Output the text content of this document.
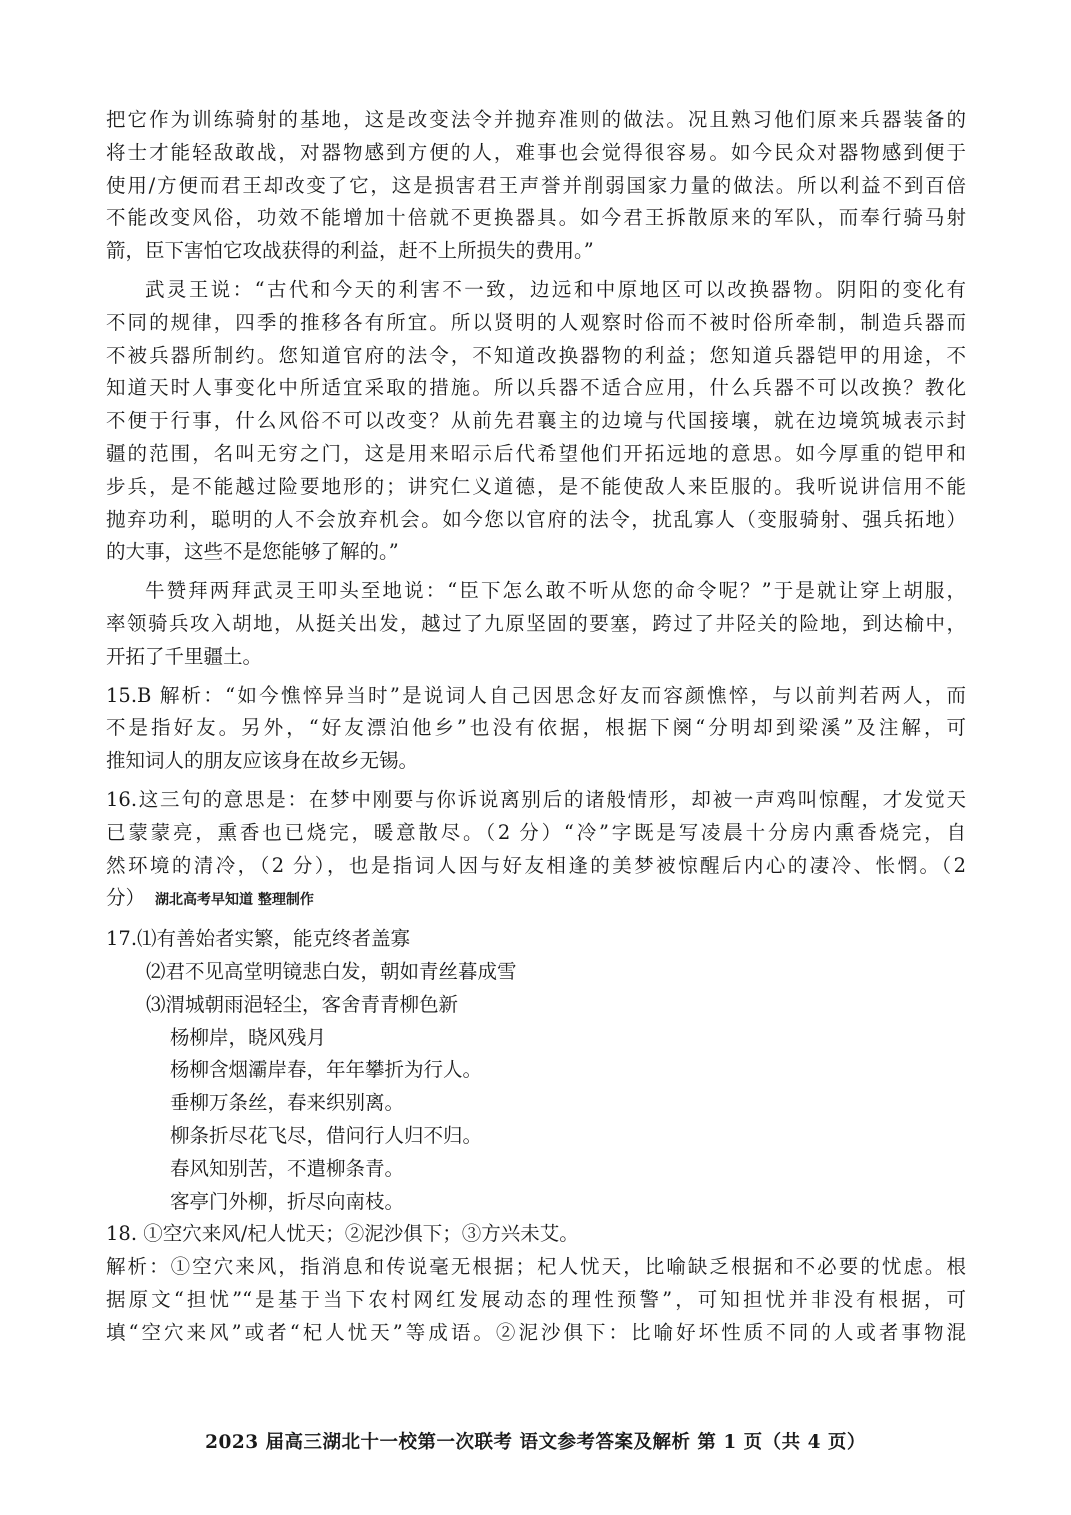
把它作为训练骑射的基地，这是改变法令并抛弃准则的做法。况且熟习他们原来兵器装备的
将士才能轻敌敢战，对器物感到方便的人，难事也会觉得很容易。如今民众对器物感到便于
使用/方便而君王却改变了它，这是损害君王声誉并削弱国家力量的做法。所以利益不到百倍
不能改变风俗，功效不能增加十倍就不更换器具。如今君王拆散原来的军队，而奉行骑马射
箭，臣下害怕它攻战获得的利益，赶不上所损失的费用。”
武灵王说：“古代和今天的利害不一致，边远和中原地区可以改换器物。阴阳的变化有
不同的规律，四季的推移各有所宜。所以贤明的人观察时俗而不被时俗所牵制，制造兵器而
不被兵器所制约。您知道官府的法令，不知道改换器物的利益；您知道兵器铠甲的用途，不
知道天时人事变化中所适宜采取的措施。所以兵器不适合应用，什么兵器不可以改换？教化
不便于行事，什么风俗不可以改变？从前先君襄主的边境与代国接壤，就在边境筑城表示封
疆的范围，名叫无穷之门，这是用来昭示后代希望他们开拓远地的意思。如今厚重的铠甲和
步兵，是不能越过险要地形的；讲究仁义道德，是不能使敌人来臣服的。我听说讲信用不能
抛弃功利，聪明的人不会放弃机会。如今您以官府的法令，扰乱寡人（变服骑射、强兵拓地）
的大事，这些不是您能够了解的。”
牛赞拜两拜武灵王叩头至地说：“臣下怎么敢不听从您的命令呢？”于是就让穿上胡服，
率领骑兵攻入胡地，从挺关出发，越过了九原坚固的要塞，跨过了井陉关的险地，到达榆中，
开拓了千里疆土。
15.B 解析：“如今憔悴异当时”是说词人自己因思念好友而容颜憔悴，与以前判若两人，而
不是指好友。另外，“好友漂泊他乡”也没有依据，根据下阕“分明却到梁溪”及注解，可
推知词人的朋友应该身在故乡无锡。
16.这三句的意思是：在梦中刚要与你诉说离别后的诸般情形，却被一声鸡叫惊醒，才发觉天
已蒙蒙亮，熏香也已烧完，暖意散尽。（2 分）“冷”字既是写凌晨十分房内熏香烧完，自
然环境的清冷，（2 分），也是指词人因与好友相逢的美梦被惊醒后内心的凄冷、怅惘。（2
分） 湖北高考早知道 整理制作
17.⑴有善始者实繁，能克终者盖寡
⑵君不见高堂明镜悲白发，朝如青丝暮成雪
⑶渭城朝雨浥轻尘，客舍青青柳色新
杨柳岸，晓风残月
杨柳含烟灞岸春，年年攀折为行人。
垂柳万条丝，春来织别离。
柳条折尽花飞尽，借问行人归不归。
春风知别苦，不遣柳条青。
客亭门外柳，折尽向南枝。
18. ①空穴来风/杞人忧天；②泥沙俱下；③方兴未艾。
解析：①空穴来风，指消息和传说毫无根据；杞人忧天，比喻缺乏根据和不必要的忧虑。根
据原文“担忧”“是基于当下农村网红发展动态的理性预警”，可知担忧并非没有根据，可
填“空穴来风”或者“杞人忧天”等成语。②泥沙俱下：比喻好坏性质不同的人或者事物混
2023 届高三湖北十一校第一次联考 语文参考答案及解析 第 1 页（共 4 页）
